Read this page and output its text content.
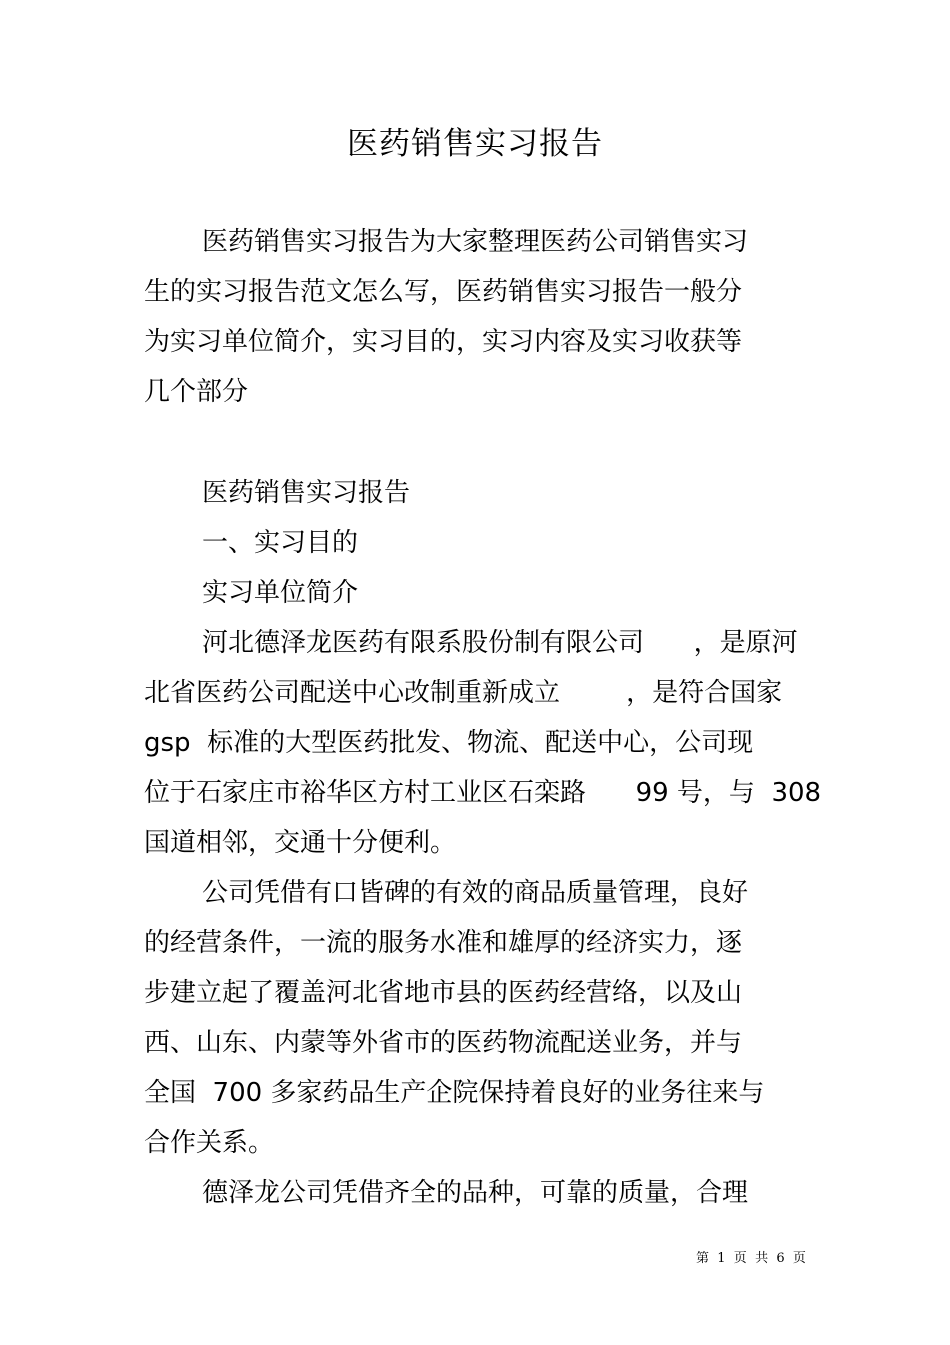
医药销售实习报告
医药销售实习报告为大家整理医药公司销售实习
生的实习报告范文怎么写，医药销售实习报告一般分
为实习单位简介，实习目的，实习内容及实习收获等
几个部分
医药销售实习报告
一、实习目的
实习单位简介
河北德泽龙医药有限系股份制有限公司      ，是原河
北省医药公司配送中心改制重新成立        ，是符合国家
gsp  标准的大型医药批发、物流、配送中心，公司现
位于石家庄市裕华区方村工业区石栾路      99 号，与  308
国道相邻，交通十分便利。
公司凭借有口皆碑的有效的商品质量管理，良好
的经营条件，一流的服务水准和雄厚的经济实力，逐
步建立起了覆盖河北省地市县的医药经营络，以及山
西、山东、内蒙等外省市的医药物流配送业务，并与
全国  700 多家药品生产企院保持着良好的业务往来与
合作关系。
德泽龙公司凭借齐全的品种，可靠的质量，合理
第  1  页  共  6  页
